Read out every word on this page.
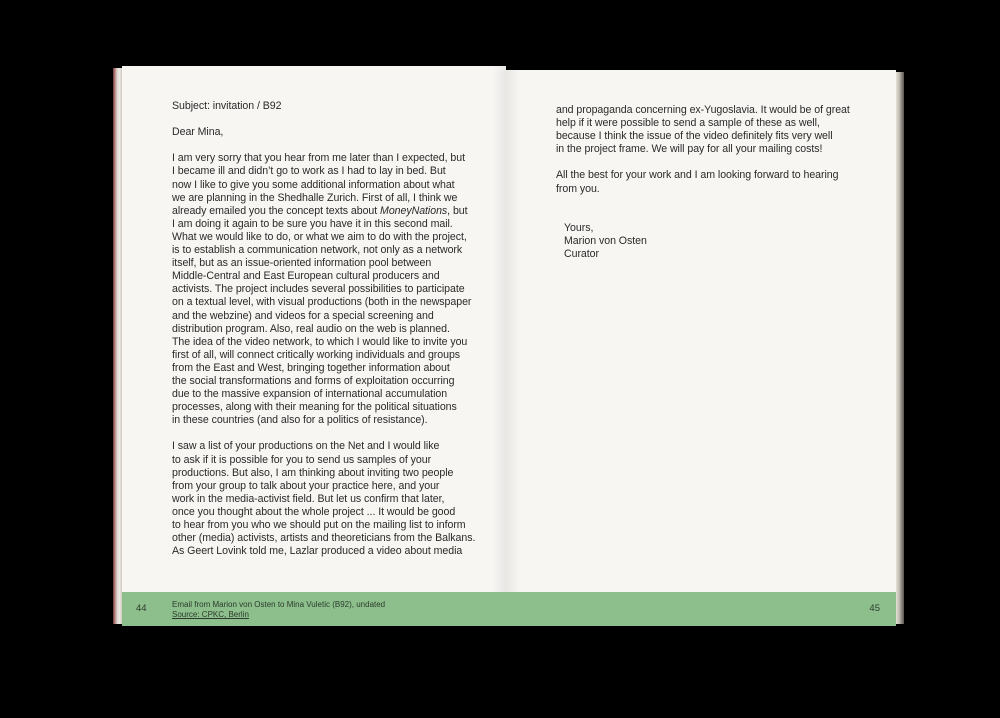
Subject: invitation / B92

Dear Mina,

I am very sorry that you hear from me later than I expected, but
I became ill and didn’t go to work as I had to lay in bed. But
now I like to give you some additional information about what
we are planning in the Shedhalle Zurich. First of all, I think we
already emailed you the concept texts about MoneyNations, but
I am doing it again to be sure you have it in this second mail.
What we would like to do, or what we aim to do with the project,
is to establish a communication network, not only as a network
itself, but as an issue-oriented information pool between
Middle-Central and East European cultural producers and
activists. The project includes several possibilities to participate
on a textual level, with visual productions (both in the newspaper
and the webzine) and videos for a special screening and
distribution program. Also, real audio on the web is planned.
The idea of the video network, to which I would like to invite you
first of all, will connect critically working individuals and groups
from the East and West, bringing together information about
the social transformations and forms of exploitation occurring
due to the massive expansion of international accumulation
processes, along with their meaning for the political situations
in these countries (and also for a politics of resistance).

I saw a list of your productions on the Net and I would like
to ask if it is possible for you to send us samples of your
productions. But also, I am thinking about inviting two people
from your group to talk about your practice here, and your
work in the media-activist field. But let us confirm that later,
once you thought about the whole project ... It would be good
to hear from you who we should put on the mailing list to inform
other (media) activists, artists and theoreticians from the Balkans.
As Geert Lovink told me, Lazlar produced a video about media
44	Email from Marion von Osten to Mina Vuletic (B92), undated
Source: CPKC, Berlin
and propaganda concerning ex-Yugoslavia. It would be of great
help if it were possible to send a sample of these as well,
because I think the issue of the video definitely fits very well
in the project frame. We will pay for all your mailing costs!

All the best for your work and I am looking forward to hearing
from you.

Yours,
Marion von Osten
Curator
45
